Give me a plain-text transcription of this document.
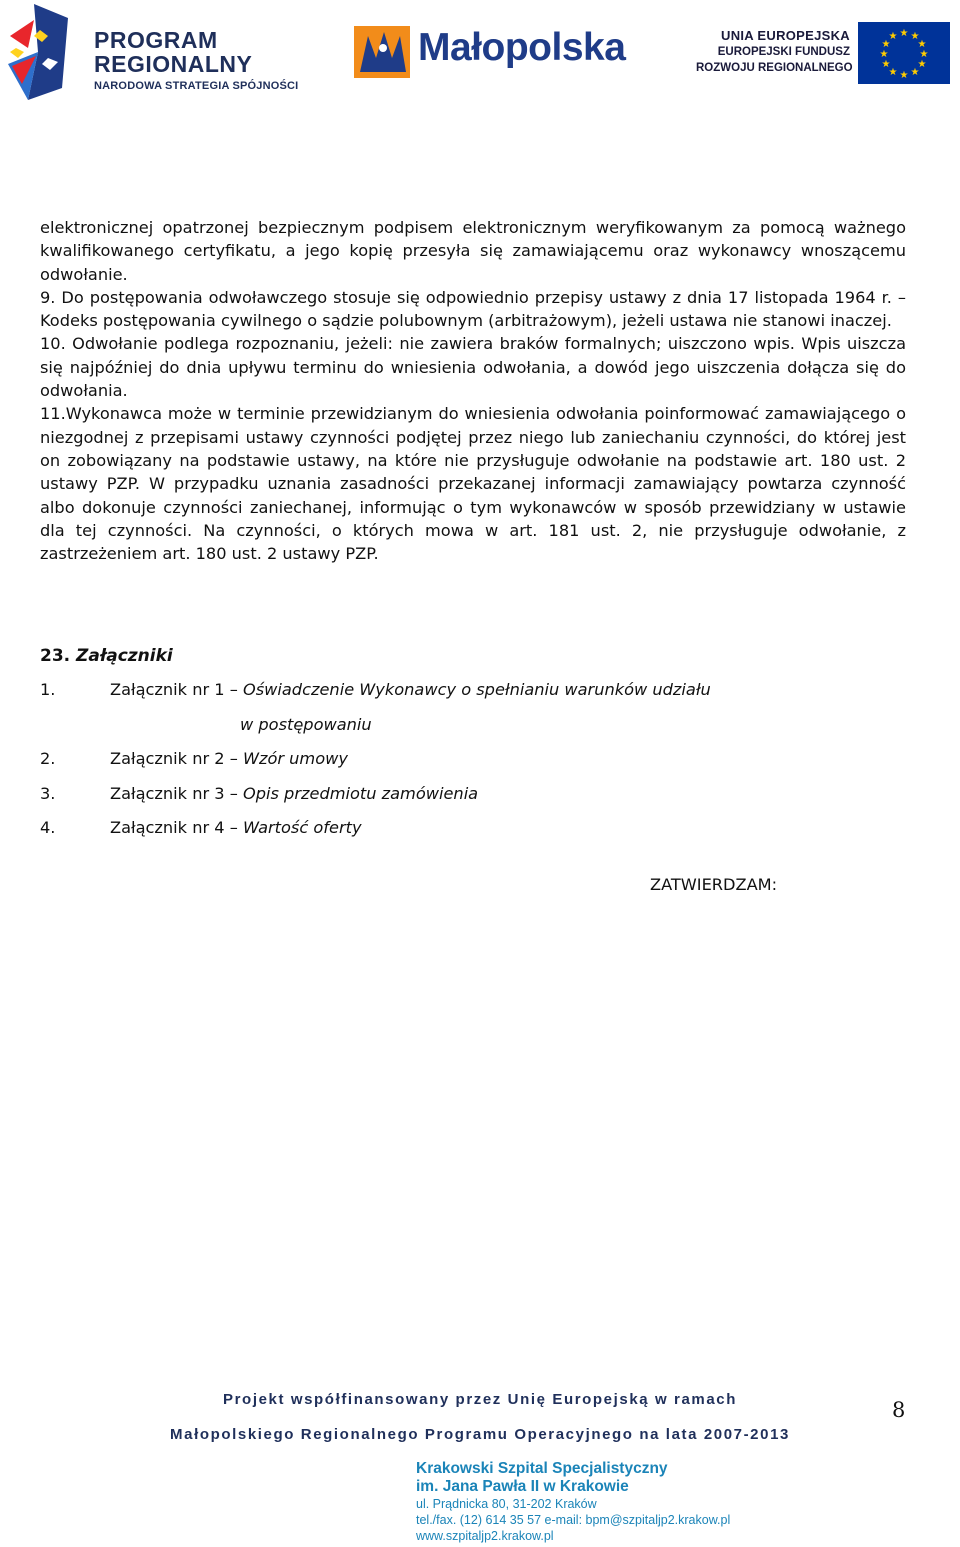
PROGRAM
REGIONALNY
NARODOWA STRATEGIA SPÓJNOŚCI
Małopolska	UNIA EUROPEJSKA
EUROPEJSKI FUNDUSZ
ROZWOJU REGIONALNEGO
★ ★
★
★
★
★
★
★
★
★
★
★

elektronicznej opatrzonej bezpiecznym podpisem elektronicznym weryfikowanym za pomocą ważnego kwalifikowanego certyfikatu, a jego kopię przesyła się zamawiającemu oraz wykonawcy wnoszącemu odwołanie.

9. Do postępowania odwoławczego stosuje się odpowiednio przepisy ustawy z dnia 17 listopada 1964 r. – Kodeks postępowania cywilnego o sądzie polubownym (arbitrażowym), jeżeli ustawa nie stanowi inaczej.

10. Odwołanie podlega rozpoznaniu, jeżeli: nie zawiera braków formalnych; uiszczono wpis. Wpis uiszcza się najpóźniej do dnia upływu terminu do wniesienia odwołania, a dowód jego uiszczenia dołącza się do odwołania.

11.Wykonawca może w terminie przewidzianym do wniesienia odwołania poinformować zamawiającego o niezgodnej z przepisami ustawy czynności podjętej przez niego lub zaniechaniu czynności, do której jest on zobowiązany na podstawie ustawy, na które nie przysługuje odwołanie na podstawie art. 180 ust. 2 ustawy PZP. W przypadku uznania zasadności przekazanej informacji zamawiający powtarza czynność albo dokonuje czynności zaniechanej, informując o tym wykonawców w sposób przewidziany w ustawie dla tej czynności. Na czynności, o których mowa w art. 181 ust. 2, nie przysługuje odwołanie, z zastrzeżeniem art. 180 ust. 2 ustawy PZP.

23. Załączniki
1.	Załącznik nr 1 – Oświadczenie Wykonawcy o spełnianiu warunków udziału
w postępowaniu
2.	Załącznik nr 2 – Wzór umowy
3.	Załącznik nr 3 – Opis przedmiotu zamówienia
4.	Załącznik nr 4 – Wartość oferty
ZATWIERDZAM:
Projekt współfinansowany przez Unię Europejską w ramach
Małopolskiego Regionalnego Programu Operacyjnego na lata 2007-2013
8
Krakowski Szpital Specjalistyczny
im. Jana Pawła II w Krakowie
ul. Prądnicka 80, 31-202 Kraków
tel./fax. (12) 614 35 57 e-mail: bpm@szpitaljp2.krakow.pl
www.szpitaljp2.krakow.pl
